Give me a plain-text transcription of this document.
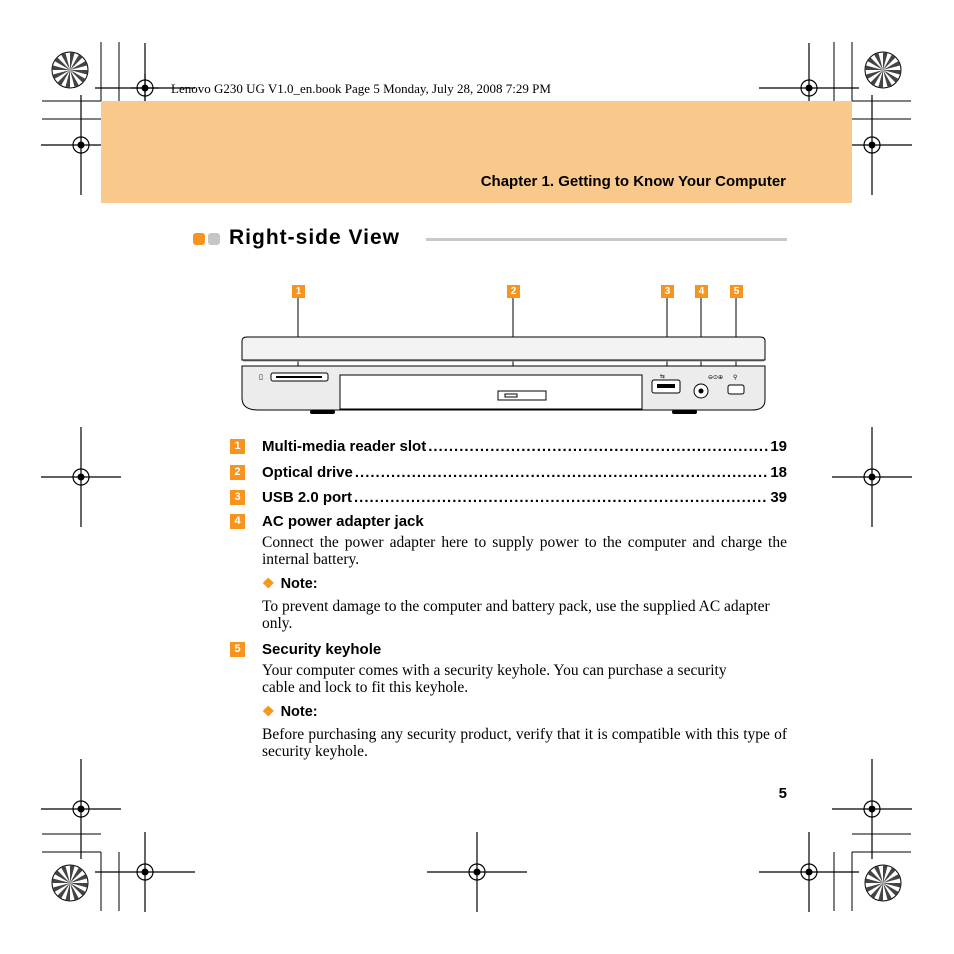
Lenovo G230 UG V1.0_en.book Page 5 Monday, July 28, 2008 7:29 PM
Chapter 1. Getting to Know Your Computer
Right-side View
▯	⇆	⊖⊙⊕ ⚲
1	2	3	4	5
1 Multi-media reader slot .....	19
2 Optical drive .....	18
3 USB 2.0 port .....	39
4 AC power adapter jack
Connect the power adapter here to supply power to the computer and charge the internal battery.
❖ Note:
To prevent damage to the computer and battery pack, use the supplied AC adapter only.
5 Security keyhole
Your computer comes with a security keyhole. You can purchase a security cable and lock to fit this keyhole.
❖ Note:
Before purchasing any security product, verify that it is compatible with this type of security keyhole.
5
